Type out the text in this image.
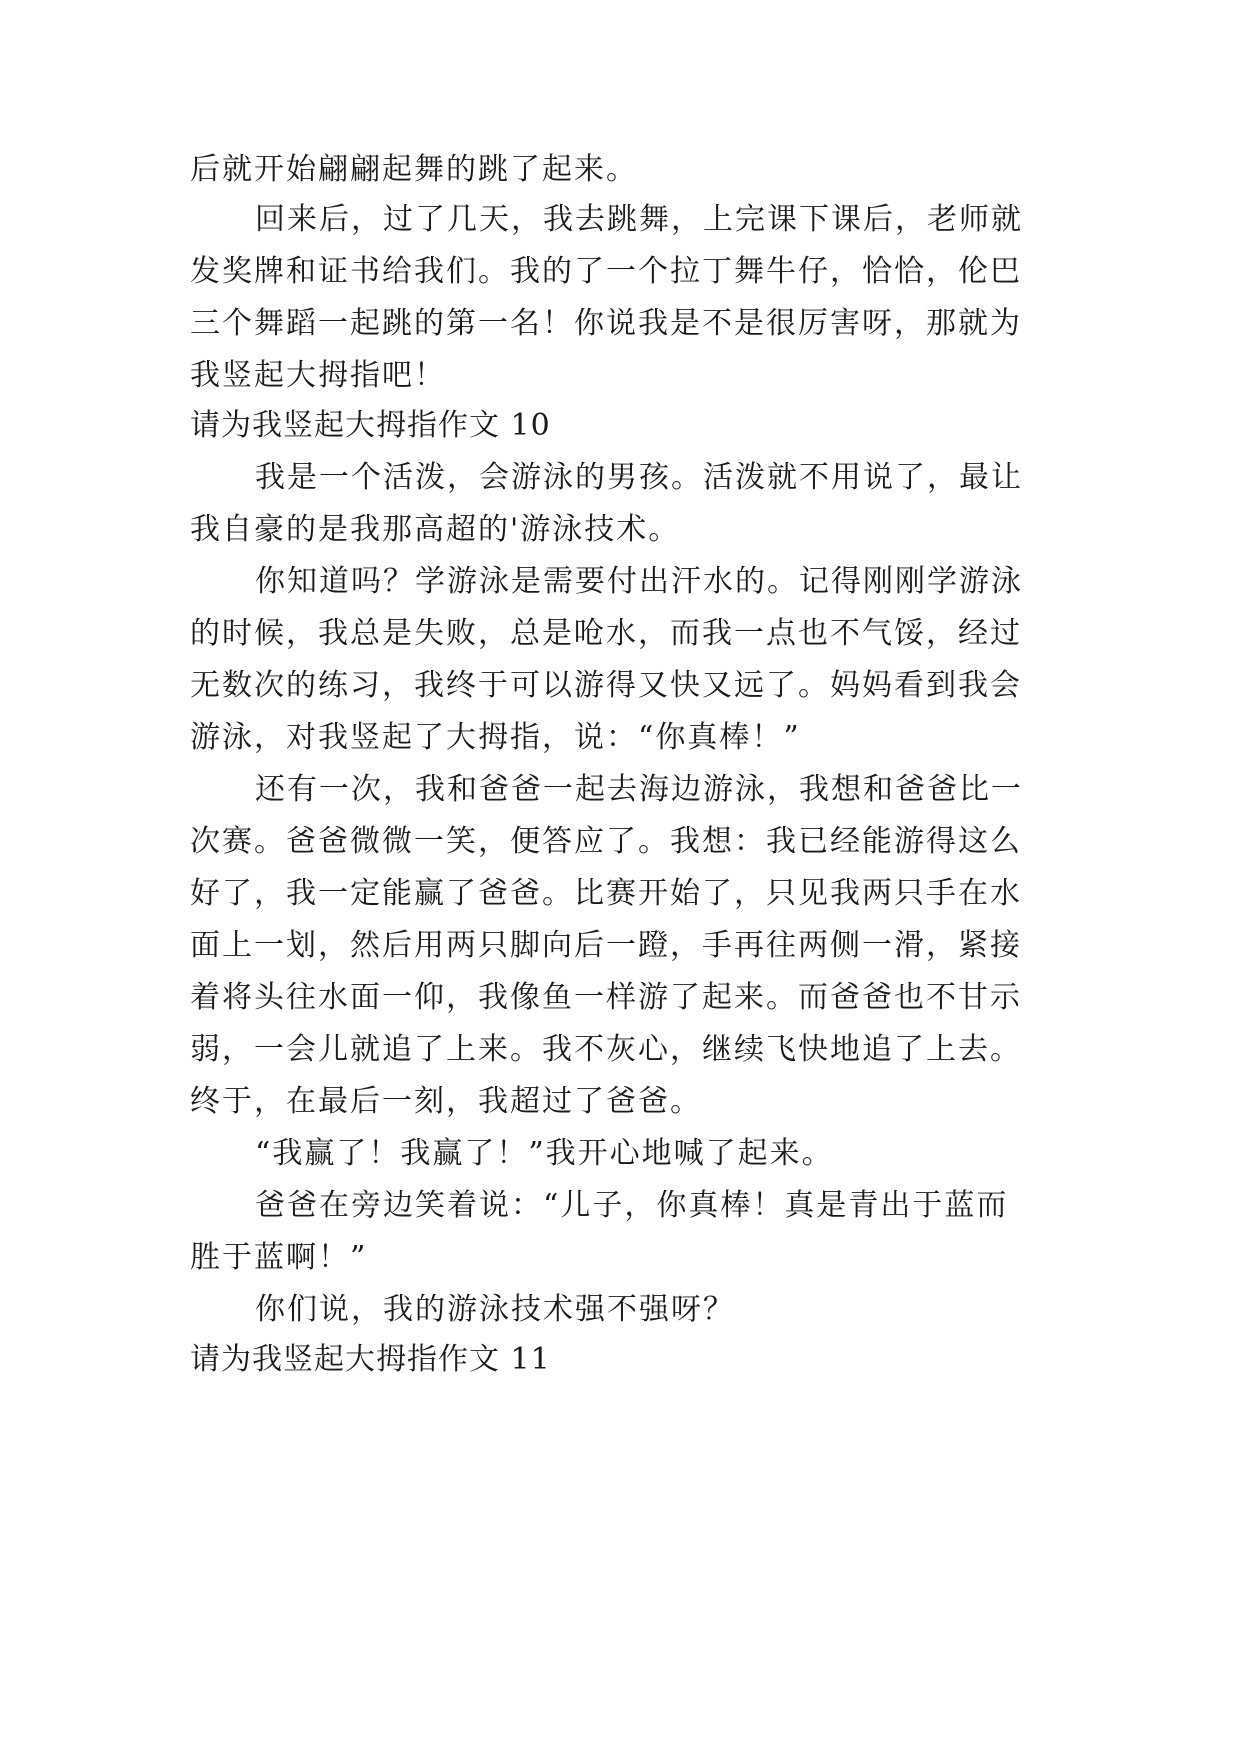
后就开始翩翩起舞的跳了起来。
回来后，过了几天，我去跳舞，上完课下课后，老师就
发奖牌和证书给我们。我的了一个拉丁舞牛仔，恰恰，伦巴
三个舞蹈一起跳的第一名！你说我是不是很厉害呀，那就为
我竖起大拇指吧！
请为我竖起大拇指作文 10
我是一个活泼，会游泳的男孩。活泼就不用说了，最让
我自豪的是我那高超的'游泳技术。
你知道吗？学游泳是需要付出汗水的。记得刚刚学游泳
的时候，我总是失败，总是呛水，而我一点也不气馁，经过
无数次的练习，我终于可以游得又快又远了。妈妈看到我会
游泳，对我竖起了大拇指，说：“你真棒！”
还有一次，我和爸爸一起去海边游泳，我想和爸爸比一
次赛。爸爸微微一笑，便答应了。我想：我已经能游得这么
好了，我一定能赢了爸爸。比赛开始了，只见我两只手在水
面上一划，然后用两只脚向后一蹬，手再往两侧一滑，紧接
着将头往水面一仰，我像鱼一样游了起来。而爸爸也不甘示
弱，一会儿就追了上来。我不灰心，继续飞快地追了上去。
终于，在最后一刻，我超过了爸爸。
“我赢了！我赢了！”我开心地喊了起来。
爸爸在旁边笑着说：“儿子，你真棒！真是青出于蓝而
胜于蓝啊！”
你们说，我的游泳技术强不强呀？
请为我竖起大拇指作文 11
